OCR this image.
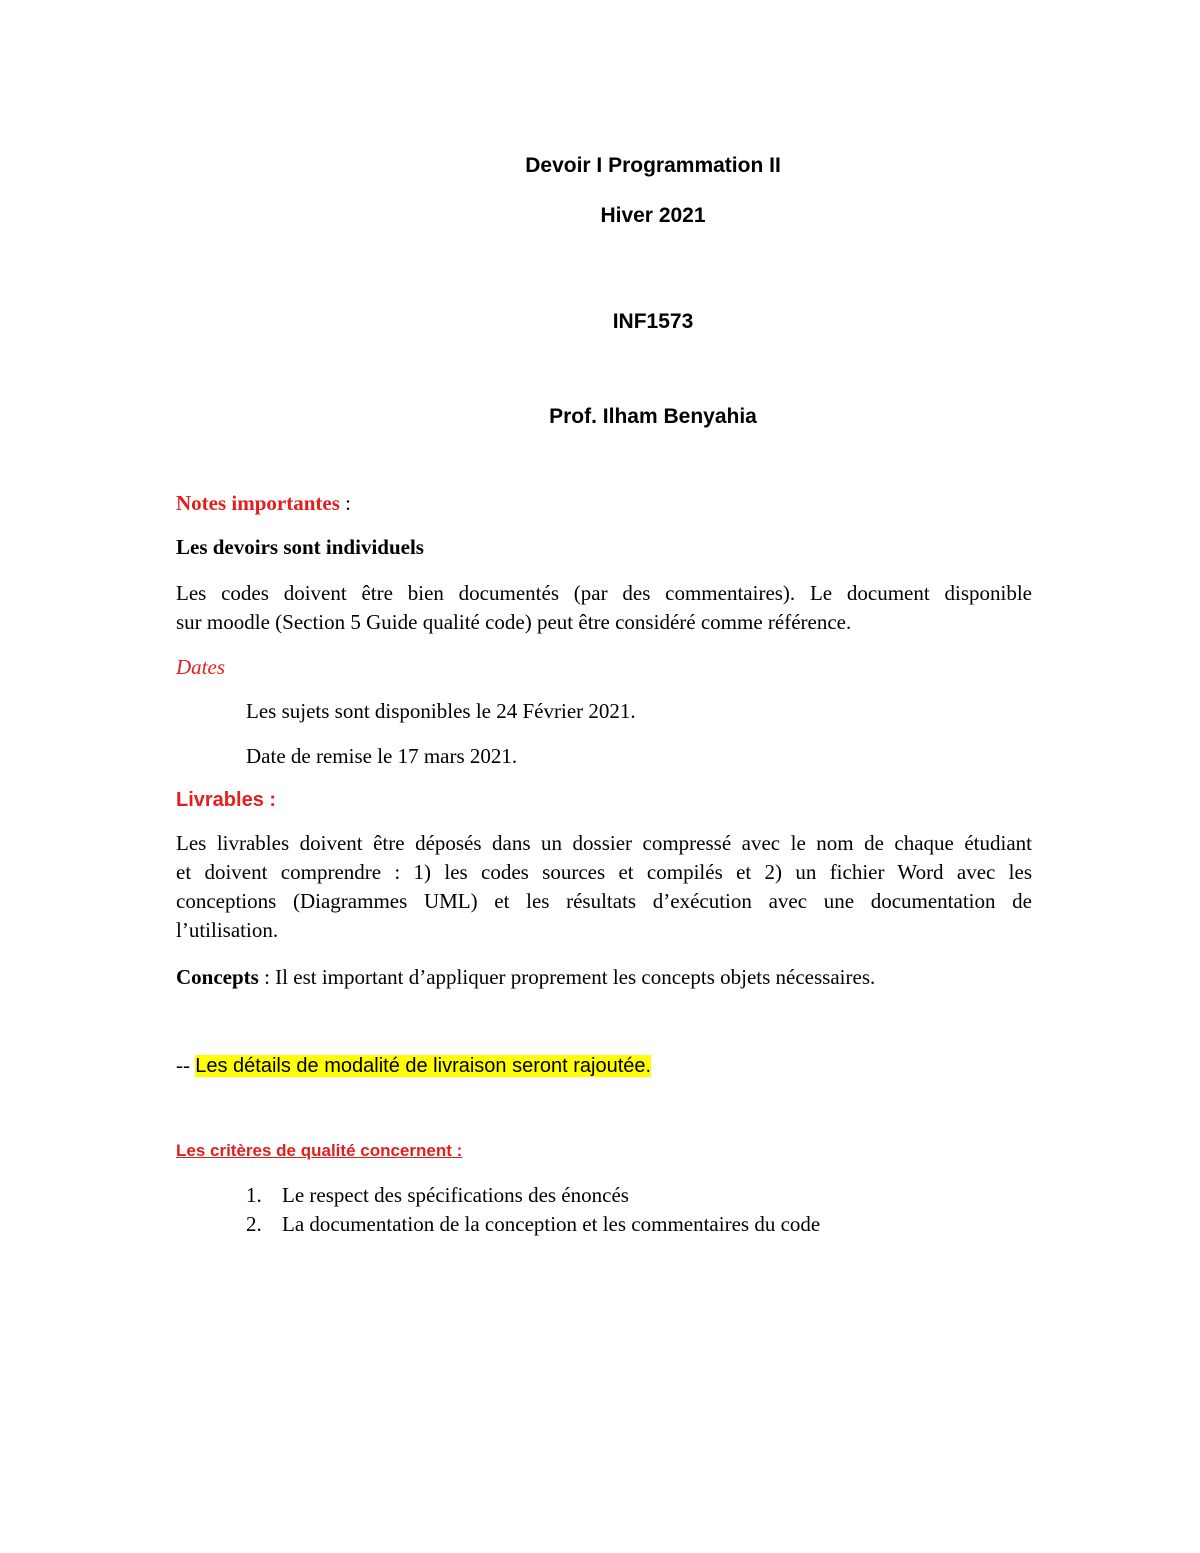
Devoir I Programmation II
Hiver 2021
INF1573
Prof. Ilham Benyahia
Notes importantes :
Les devoirs sont individuels
Les codes doivent être bien documentés (par des commentaires). Le document disponible
sur moodle (Section 5 Guide qualité code) peut être considéré comme référence.
Dates
Les sujets sont disponibles le 24 Février 2021.
Date de remise le 17 mars 2021.
Livrables :
Les livrables doivent être déposés dans un dossier compressé avec le nom de chaque étudiant
et doivent comprendre : 1) les codes sources et compilés et 2) un fichier Word avec les
conceptions (Diagrammes UML) et les résultats d’exécution avec une documentation de
l’utilisation.
Concepts : Il est important d’appliquer proprement les concepts objets nécessaires.
-- Les détails de modalité de livraison seront rajoutée.
Les critères de qualité concernent :
1. Le respect des spécifications des énoncés
2. La documentation de la conception et les commentaires du code
